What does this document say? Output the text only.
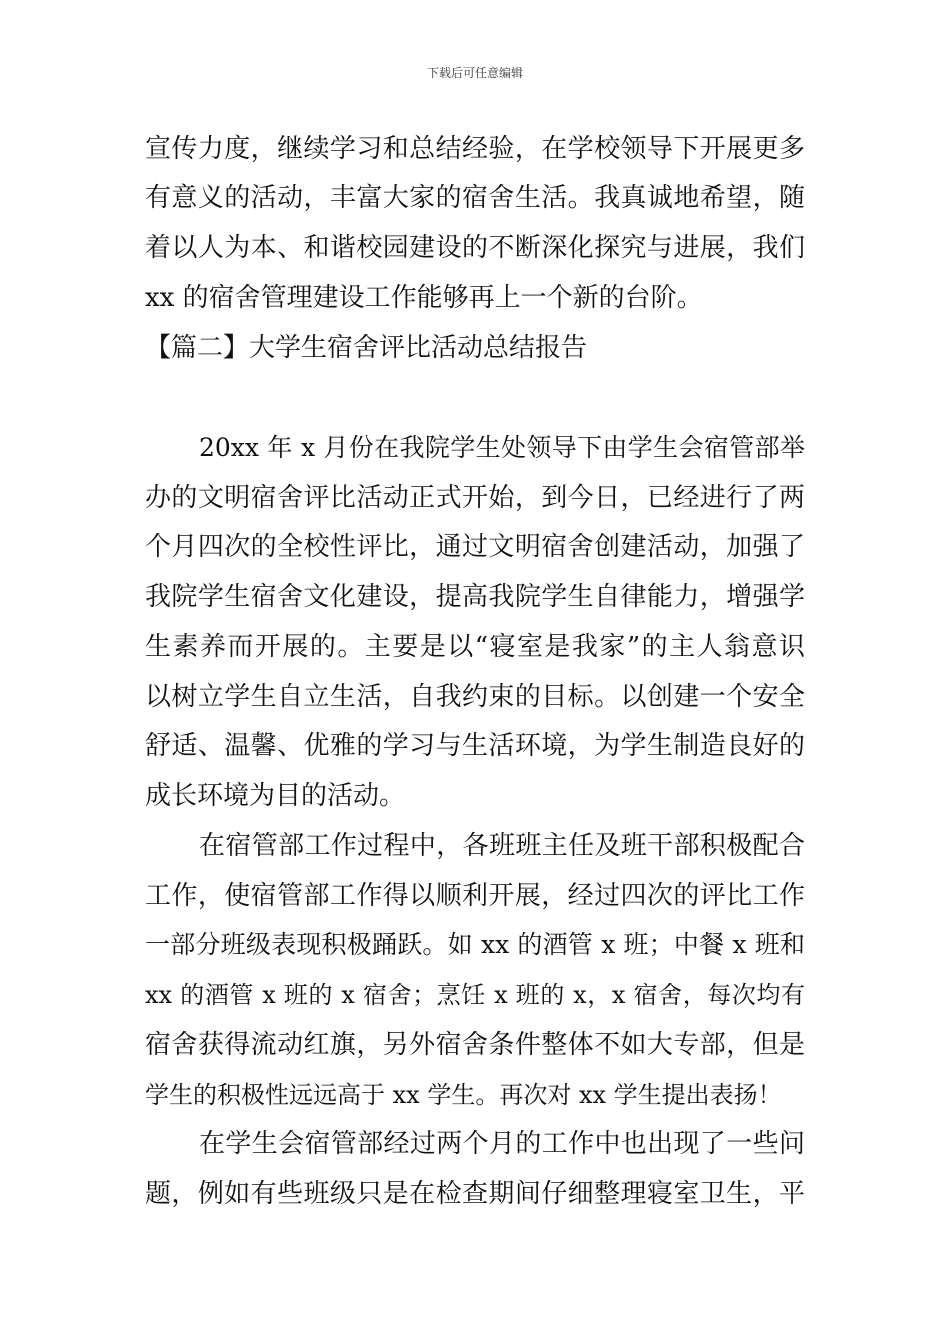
下载后可任意编辑
宣传力度，继续学习和总结经验，在学校领导下开展更多
有意义的活动，丰富大家的宿舍生活。我真诚地希望，随
着以人为本、和谐校园建设的不断深化探究与进展，我们
xx 的宿舍管理建设工作能够再上一个新的台阶。
【篇二】大学生宿舍评比活动总结报告
20xx 年 x 月份在我院学生处领导下由学生会宿管部举
办的文明宿舍评比活动正式开始，到今日，已经进行了两
个月四次的全校性评比，通过文明宿舍创建活动，加强了
我院学生宿舍文化建设，提高我院学生自律能力，增强学
生素养而开展的。主要是以“寝室是我家”的主人翁意识
以树立学生自立生活，自我约束的目标。以创建一个安全
舒适、温馨、优雅的学习与生活环境，为学生制造良好的
成长环境为目的活动。
在宿管部工作过程中，各班班主任及班干部积极配合
工作，使宿管部工作得以顺利开展，经过四次的评比工作
一部分班级表现积极踊跃。如 xx 的酒管 x 班；中餐 x 班和
xx 的酒管 x 班的 x 宿舍；烹饪 x 班的 x，x 宿舍，每次均有
宿舍获得流动红旗，另外宿舍条件整体不如大专部，但是
学生的积极性远远高于 xx 学生。再次对 xx 学生提出表扬！
在学生会宿管部经过两个月的工作中也出现了一些问
题，例如有些班级只是在检查期间仔细整理寝室卫生，平
